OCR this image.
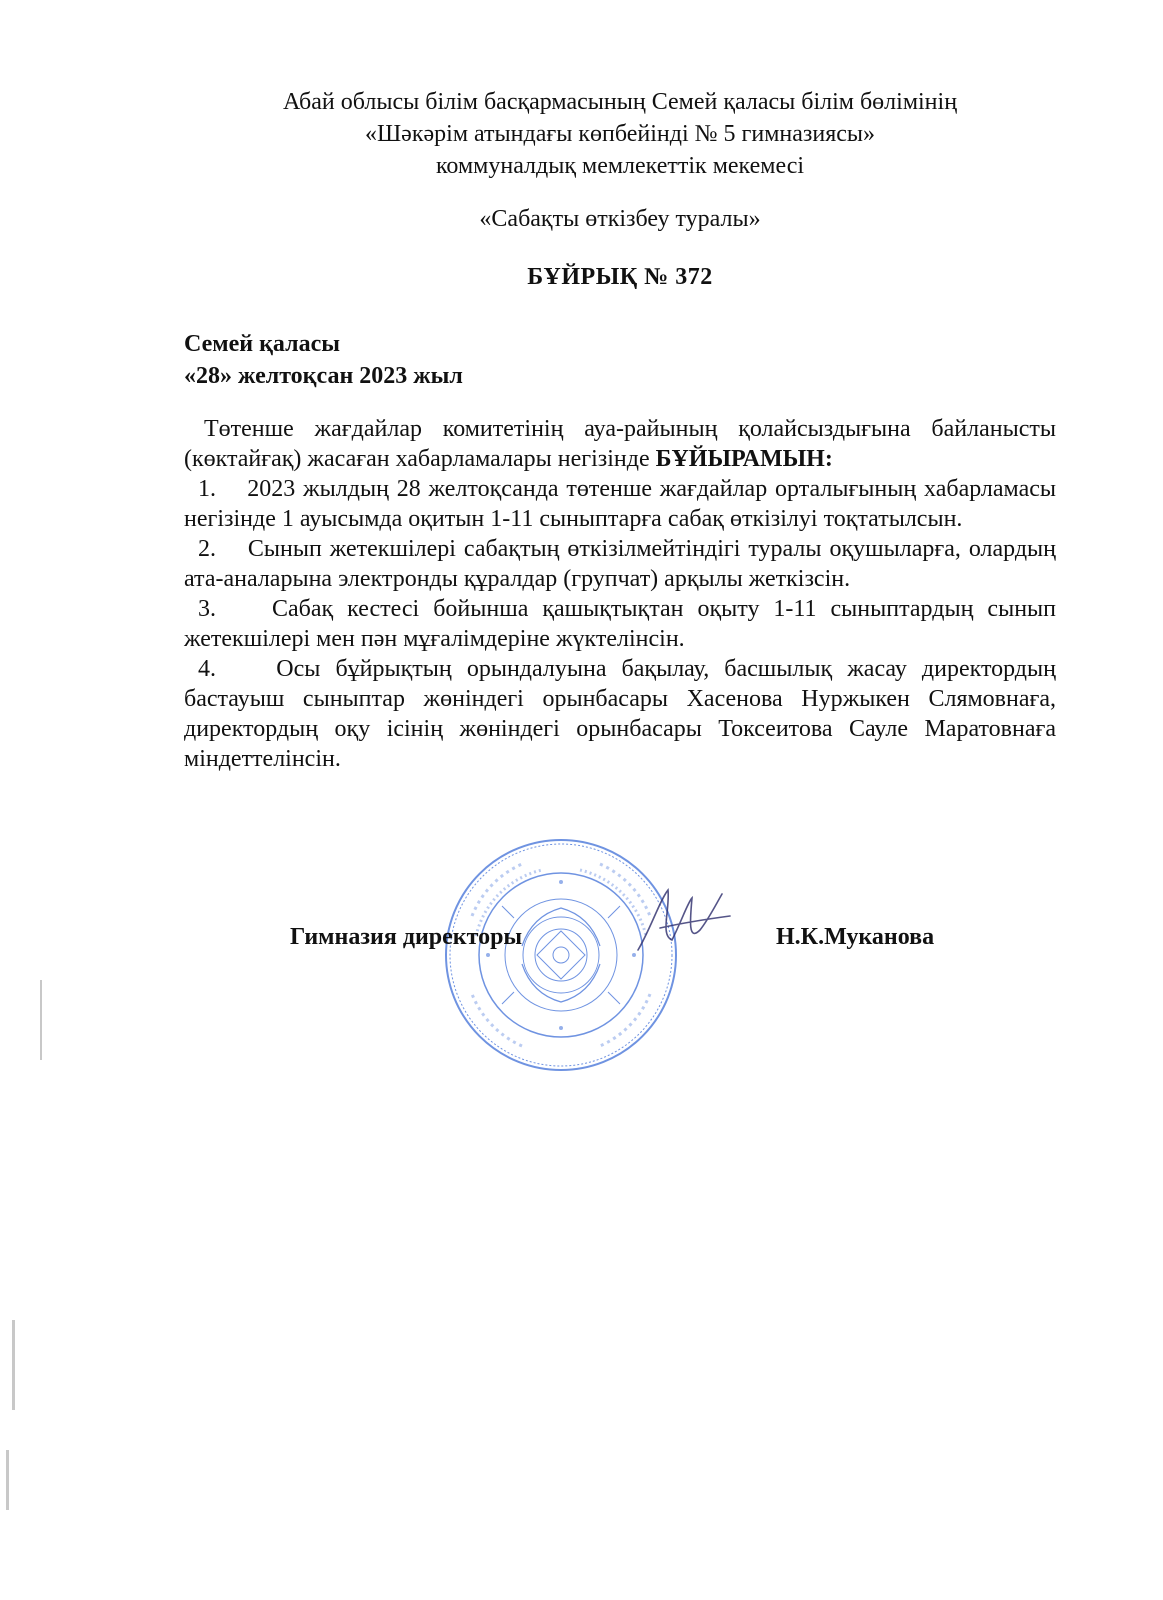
Абай облысы білім басқармасының Семей қаласы білім бөлімінің
«Шәкәрім атындағы көпбейінді № 5 гимназиясы»
коммуналдық мемлекеттік мекемесі
«Сабақты өткізбеу туралы»
БҰЙРЫҚ № 372
Семей қаласы
«28» желтоқсан 2023 жыл

Төтенше жағдайлар комитетінің ауа-райының қолайсыздығына байланысты (көктайғақ) жасаған хабарламалары негізінде БҰЙЫРАМЫН:

1. 2023 жылдың 28 желтоқсанда төтенше жағдайлар орталығының хабарламасы негізінде 1 ауысымда оқитын 1-11 сыныптарға сабақ өткізілуі тоқтатылсын.

2. Сынып жетекшілері сабақтың өткізілмейтіндігі туралы оқушыларға, олардың ата-аналарына электронды құралдар (групчат) арқылы жеткізсін.

3. Сабақ кестесі бойынша қашықтықтан оқыту 1-11 сыныптардың сынып жетекшілері мен пән мұғалімдеріне жүктелінсін.

4.	Осы бұйрықтың орындалуына бақылау, басшылық жасау директордың бастауыш сыныптар жөніндегі орынбасары Хасенова Нуржыкен Слямовнаға, директордың оқу ісінің жөніндегі орынбасары Токсеитова Сауле Маратовнаға міндеттелінсін.

Гимназия директоры	Н.К.Муканова
